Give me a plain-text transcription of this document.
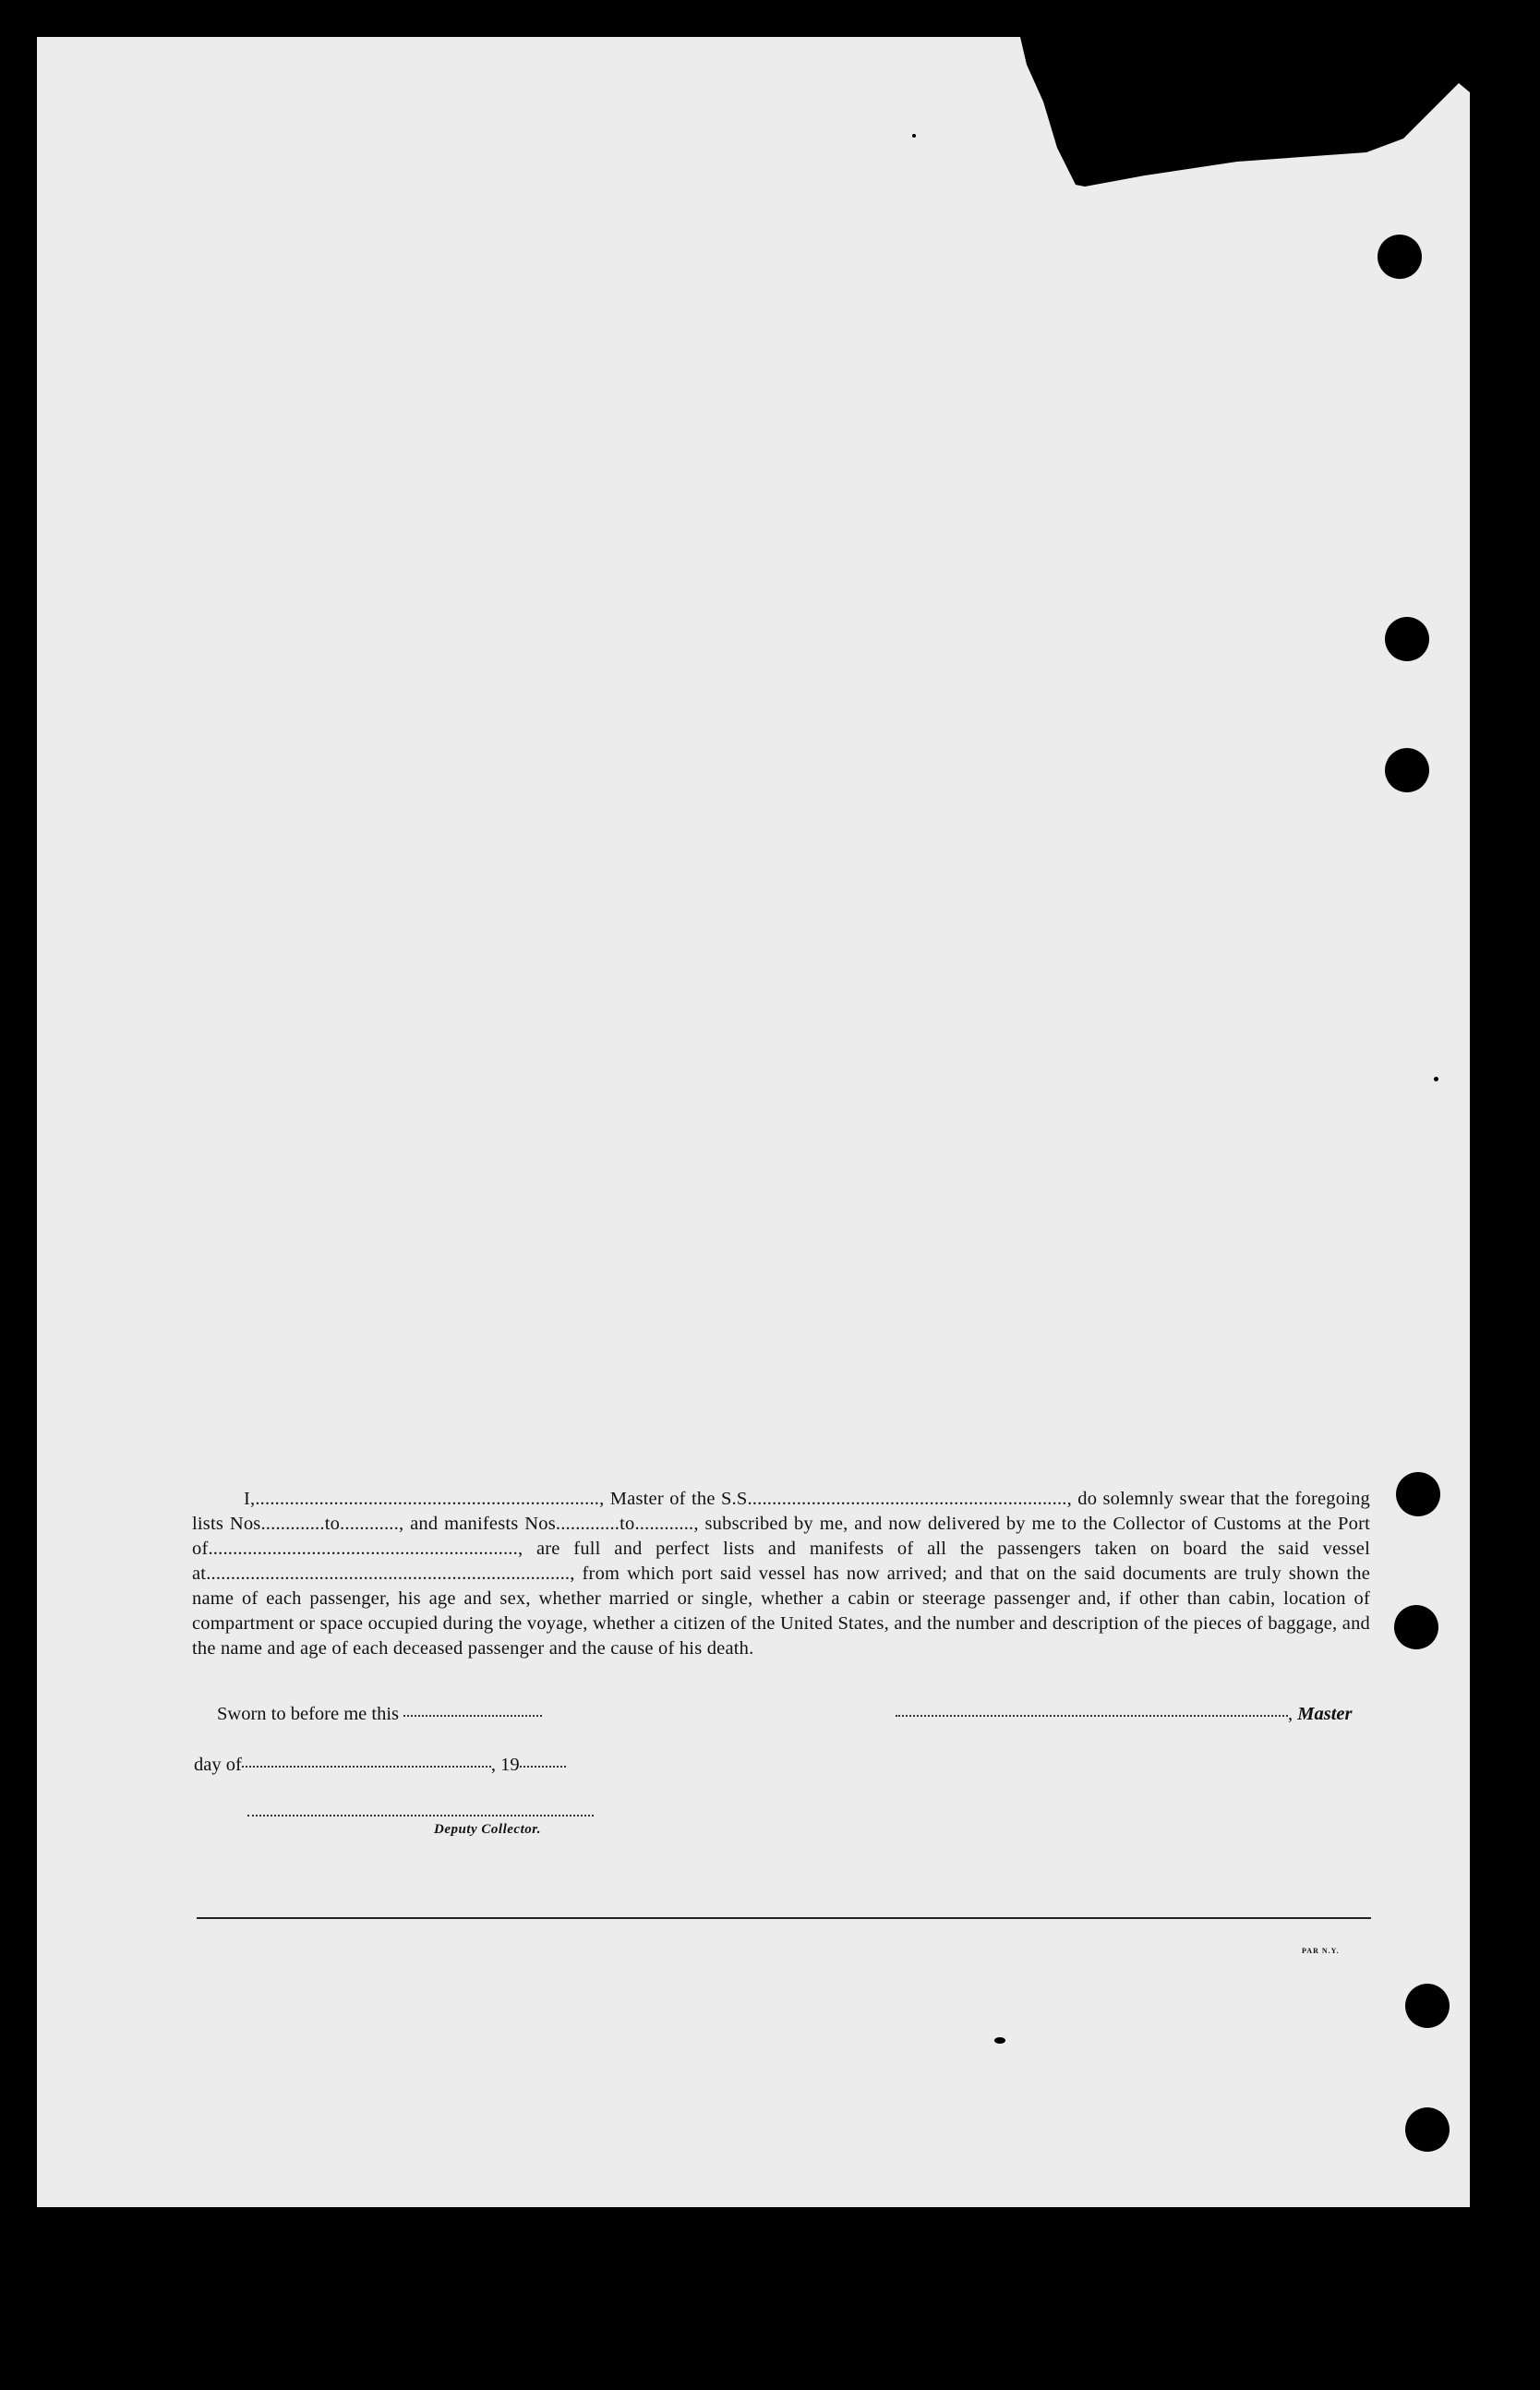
I,......................................................................, Master of the S.S................................................................., do solemnly swear that the foregoing lists Nos.............to............, and manifests Nos.............to............, subscribed by me, and now delivered by me to the Collector of Customs at the Port of..............................................................., are full and perfect lists and manifests of all the passengers taken on board the said vessel at.........................................................................., from which port said vessel has now arrived; and that on the said documents are truly shown the name of each passenger, his age and sex, whether married or single, whether a cabin or steerage passenger and, if other than cabin, location of compartment or space occupied during the voyage, whether a citizen of the United States, and the number and description of the pieces of baggage, and the name and age of each deceased passenger and the cause of his death.

Sworn to before me this	, Master
day of	, 19
Deputy Collector.
PAR N.Y.
